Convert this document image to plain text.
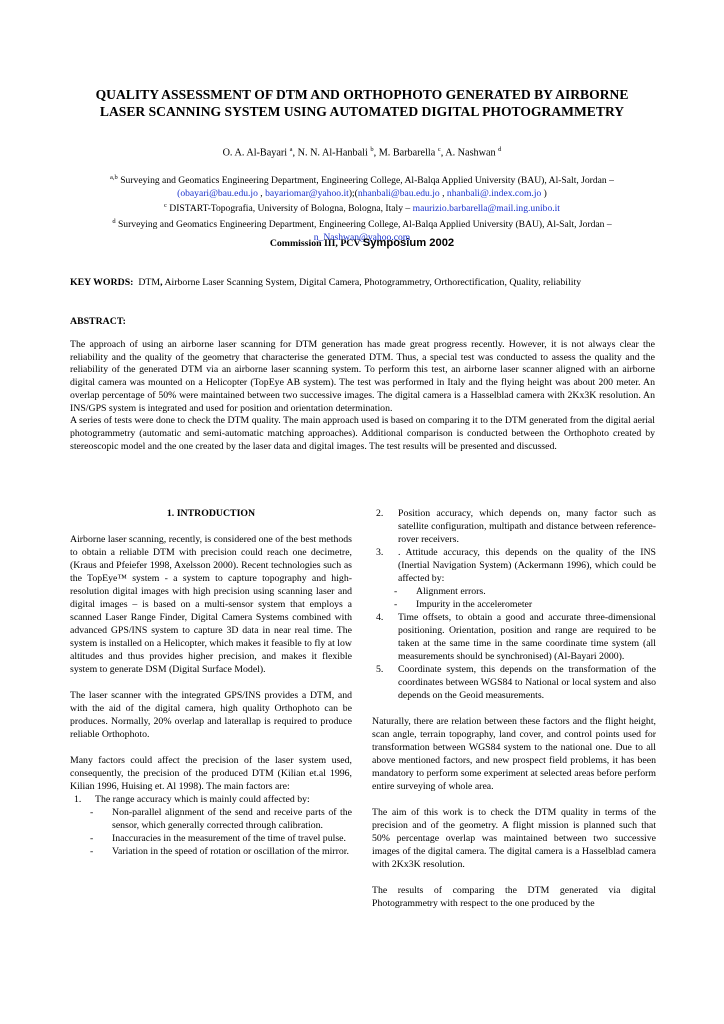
QUALITY ASSESSMENT OF DTM AND ORTHOPHOTO GENERATED BY AIRBORNE
LASER SCANNING SYSTEM USING AUTOMATED DIGITAL PHOTOGRAMMETRY
O. A. Al-Bayari $^a$, N. N. Al-Hanbali $^b$, M. Barbarella $^c$, A. Nashwan $^d$
$^{a,b}$ Surveying and Geomatics Engineering Department, Engineering College, Al-Balqa Applied University (BAU), Al-Salt, Jordan –
(obayari@bau.edu.jo , bayariomar@yahoo.it);(nhanbali@bau.edu.jo , nhanbali@.index.com.jo )
$^c$ DISTART-Topografia, University of Bologna, Bologna, Italy – maurizio.barbarella@mail.ing.unibo.it
$^d$ Surveying and Geomatics Engineering Department, Engineering College, Al-Balqa Applied University (BAU), Al-Salt, Jordan –
n_Nashwan@yahoo.com
Commission III, PCV Symposium 2002
KEY WORDS: DTM, Airborne Laser Scanning System, Digital Camera, Photogrammetry, Orthorectification, Quality, reliability
ABSTRACT:

The approach of using an airborne laser scanning for DTM generation has made great progress recently. However, it is not always clear the reliability and the quality of the geometry that characterise the generated DTM. Thus, a special test was conducted to assess the quality and the reliability of the generated DTM via an airborne laser scanning system. To perform this test, an airborne laser scanner aligned with an airborne digital camera was mounted on a Helicopter (TopEye AB system). The test was performed in Italy and the flying height was about 200 meter. An overlap percentage of 50% were maintained between two successive images. The digital camera is a Hasselblad camera with 2Kx3K resolution. An INS/GPS system is integrated and used for position and orientation determination.

A series of tests were done to check the DTM quality. The main approach used is based on comparing it to the DTM generated from the digital aerial photogrammetry (automatic and semi-automatic matching approaches). Additional comparison is conducted between the Orthophoto created by stereoscopic model and the one created by the laser data and digital images. The test results will be presented and discussed.

1. INTRODUCTION

Airborne laser scanning, recently, is considered one of the best methods to obtain a reliable DTM with precision could reach one decimetre, (Kraus and Pfeiefer 1998, Axelsson 2000). Recent technologies such as the TopEye™ system - a system to capture topography and high-resolution digital images with high precision using scanning laser and digital images – is based on a multi-sensor system that employs a scanned Laser Range Finder, Digital Camera Systems combined with advanced GPS/INS system to capture 3D data in near real time. The system is installed on a Helicopter, which makes it feasible to fly at low altitudes and thus provides higher precision, and makes it flexible system to generate DSM (Digital Surface Model).

The laser scanner with the integrated GPS/INS provides a DTM, and with the aid of the digital camera, high quality Orthophoto can be produces. Normally, 20% overlap and laterallap is required to produce reliable Orthophoto.

Many factors could affect the precision of the laser system used, consequently, the precision of the produced DTM (Kilian et.al 1996, Kilian 1996, Huising et. Al 1998). The main factors are:

1. The range accuracy which is mainly could affected by:
- Non-parallel alignment of the send and receive parts of the sensor, which generally corrected through calibration.
- Inaccuracies in the measurement of the time of travel pulse.
- Variation in the speed of rotation or oscillation of the mirror.
2. Position accuracy, which depends on, many factor such as satellite configuration, multipath and distance between reference-rover receivers.
3. . Attitude accuracy, this depends on the quality of the INS (Inertial Navigation System) (Ackermann 1996), which could be affected by:
- Alignment errors.
- Impurity in the accelerometer
4. Time offsets, to obtain a good and accurate three-dimensional positioning. Orientation, position and range are required to be taken at the same time in the same coordinate time system (all measurements should be synchronised) (Al-Bayari 2000).
5. Coordinate system, this depends on the transformation of the coordinates between WGS84 to National or local system and also depends on the Geoid measurements.

Naturally, there are relation between these factors and the flight height, scan angle, terrain topography, land cover, and control points used for transformation between WGS84 system to the national one. Due to all above mentioned factors, and new prospect field problems, it has been mandatory to perform some experiment at selected areas before perform entire surveying of whole area.

The aim of this work is to check the DTM quality in terms of the precision and of the geometry. A flight mission is planned such that 50% percentage overlap was maintained between two successive images of the digital camera. The digital camera is a Hasselblad camera with 2Kx3K resolution.

The results of comparing the DTM generated via digital Photogrammetry with respect to the one produced by the
